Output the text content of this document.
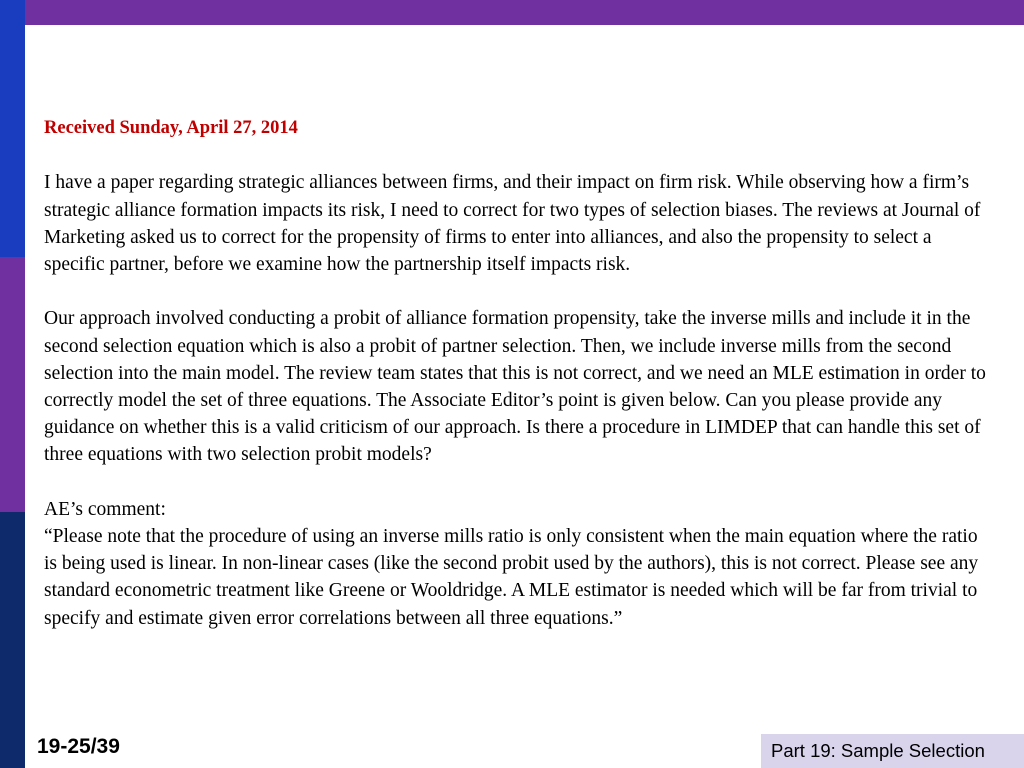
Received Sunday, April 27, 2014

I have a paper regarding strategic alliances between firms, and their impact on firm risk. While observing how a firm’s strategic alliance formation impacts its risk, I need to correct for two types of selection biases. The reviews at Journal of Marketing asked us to correct for the propensity of firms to enter into alliances, and also the propensity to select a specific partner, before we examine how the partnership itself impacts risk.

Our approach involved conducting a probit of alliance formation propensity, take the inverse mills and include it in the second selection equation which is also a probit of partner selection. Then, we include inverse mills from the second selection into the main model. The review team states that this is not correct, and we need an MLE estimation in order to correctly model the set of three equations. The Associate Editor’s point is given below. Can you please provide any guidance on whether this is a valid criticism of our approach. Is there a procedure in LIMDEP that can handle this set of three equations with two selection probit models?

AE’s comment:

“Please note that the procedure of using an inverse mills ratio is only consistent when the main equation where the ratio is being used is linear. In non-linear cases (like the second probit used by the authors), this is not correct. Please see any standard econometric treatment like Greene or Wooldridge. A MLE estimator is needed which will be far from trivial to specify and estimate given error correlations between all three equations.”

19-25/39	Part 19: Sample Selection
